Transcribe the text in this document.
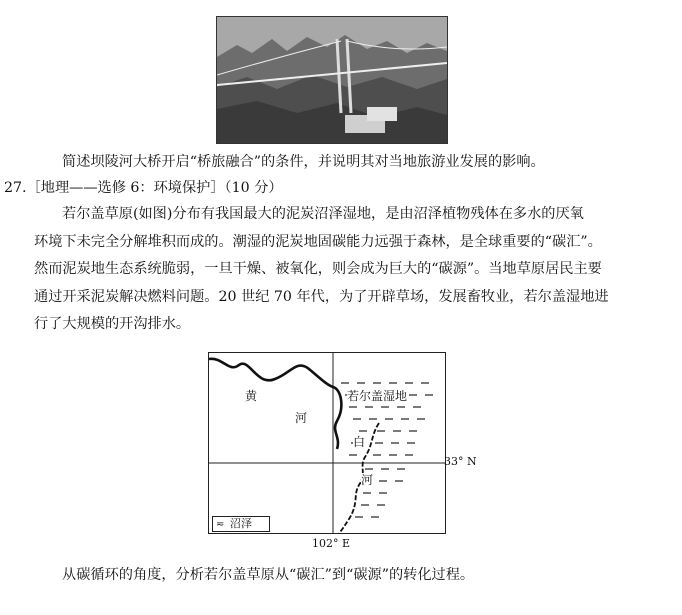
简述坝陵河大桥开启“桥旅融合”的条件，并说明其对当地旅游业发展的影响。
27.［地理——选修 6：环境保护］（10 分）
若尔盖草原(如图)分布有我国最大的泥炭沼泽湿地，是由沼泽植物残体在多水的厌氧
环境下未完全分解堆积而成的。潮湿的泥炭地固碳能力远强于森林，是全球重要的“碳汇”。
然而泥炭地生态系统脆弱，一旦干燥、被氧化，则会成为巨大的“碳源”。当地草原居民主要
通过开采泥炭解决燃料问题。20 世纪 70 年代，为了开辟草场，发展畜牧业，若尔盖湿地进
行了大规模的开沟排水。
黄
河
若尔盖湿地
白
河
≂ 沼泽
33° N
102° E
从碳循环的角度，分析若尔盖草原从“碳汇”到“碳源”的转化过程。
